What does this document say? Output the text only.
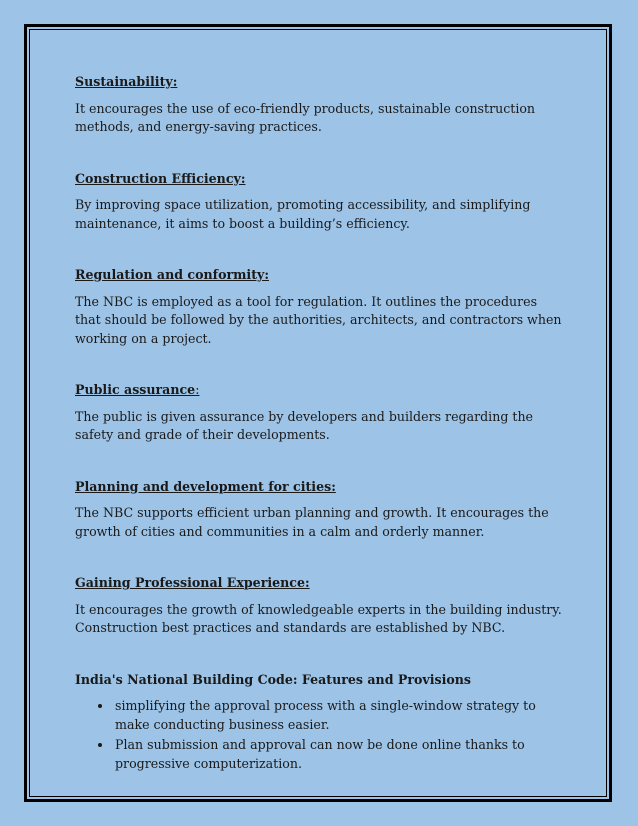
Sustainability:

It encourages the use of eco-friendly products, sustainable construction methods, and energy-saving practices.

Construction Efficiency:

By improving space utilization, promoting accessibility, and simplifying maintenance, it aims to boost a building’s efficiency.

Regulation and conformity:

The NBC is employed as a tool for regulation. It outlines the procedures that should be followed by the authorities, architects, and contractors when working on a project.

Public assurance:

The public is given assurance by developers and builders regarding the safety and grade of their developments.

Planning and development for cities:

The NBC supports efficient urban planning and growth. It encourages the growth of cities and communities in a calm and orderly manner.

Gaining Professional Experience:

It encourages the growth of knowledgeable experts in the building industry. Construction best practices and standards are established by NBC.

India's National Building Code: Features and Provisions

• simplifying the approval process with a single-window strategy to make conducting business easier.
• Plan submission and approval can now be done online thanks to progressive computerization.
